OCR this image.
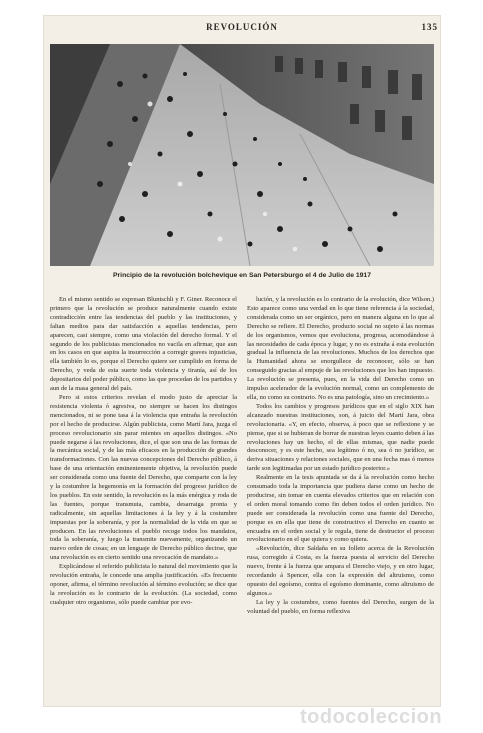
REVOLUCIÓN	135
Principio de la revolución bolchevique en San Petersburgo el 4 de Julio de 1917

En el mismo sentido se expresan Bluntschli y F. Giner. Reconoce el primero que la revolución se produce naturalmente cuando existe contradicción entre las tendencias del pueblo y las instituciones, y faltan medios para dar satisfacción a aquellas tendencias, pero aparecen, casi siempre, como una violación del derecho formal. Y el segundo de los publicistas mencionados no vacila en afirmar, que aun en los casos en que aspira la insurrección a corregir graves injusticias, ella también lo es, porque el Derecho quiere ser cumplido en forma de Derecho, y veda de esta suerte toda violencia y tiranía, así de los depositarios del poder público, como las que procedan de los partidos y aun de la masa general del país.

Pero si estos criterios revelan el modo justo de apreciar la resistencia violenta ó agresiva, no siempre se hacen los distingos mencionados, ni se pone tasa á la violencia que entraña la revolución por el hecho de producirse. Algún publicista, como Martí Jara, juzga el proceso revolucionario sin parar mientes en aquellos distingos. «No puede negarse á las revoluciones, dice, el que son una de las formas de la mecánica social, y de las más eficaces en la producción de grandes transformaciones. Con las nuevas concepciones del Derecho público, á base de una orientación eminentemente objetiva, la revolución puede ser considerada como una fuente del Derecho, que comparte con la ley y la costumbre la hegemonía en la formación del progreso jurídico de los pueblos. En este sentido, la revolución es la más enérgica y roda de las fuentes, porque transmuta, cambia, desarraiga pronta y radicalmente, sin aquellas limitaciones á la ley y á la costumbre impuestas por la soberanía, y por la normalidad de la vida en que se producen. En las revoluciones el pueblo recoge todos los mandatos, toda la soberanía, y luego la transmite nuevamente, organizando un nuevo orden de cosas; en un lenguaje de Derecho público decirse, que una revolución es en cierto sentido una revocación de mandato.»

Explicándose el referido publicista lo natural del movimiento que la revolución entraña, le concede una amplia justificación. «Es frecuente oponer, afirma, el término revolución al término evolución; se dice que la revolución es lo contrario de la evolución. (La sociedad, como cualquier otro organismo, sólo puede cambiar por evo-

lución, y la revolución es lo contrario de la evolución, dice Wilson.) Esto aparece como una verdad en lo que tiene referencia á la sociedad, considerada como un ser orgánico, pero en manera alguna en lo que al Derecho se refiere. El Derecho, producto social no sujeto á las normas de los organismos, vemos que evoluciona, progresa, acomodándose á las necesidades de cada época y lugar, y no es extraña á esta evolución gradual la influencia de las revoluciones. Muchos de los derechos que la Humanidad ahora se enorgullece de reconocer, sólo se han conseguido gracias al empuje de las revoluciones que los han impuesto. La revolución se presenta, pues, en la vida del Derecho como un impulso acelerador de la evolución normal, como un complemento de ella, no como su contrario. No es una patología, sino un crecimiento.»

Todos los cambios y progresos jurídicos que en el siglo XIX han alcanzado nuestras instituciones, son, á juicio del Martí Jara, obra revolucionaria. «Y, en efecto, observa, á poco que se reflexione y se piense, que si se hubieran de borrar de nuestras leyes cuanto deben á las revoluciones hay un hecho, el de ellas mismas, que nadie puede desconocer, y es este hecho, sea legítimo ó no, sea ó no jurídico, se deriva situaciones y relaciones sociales, que en una fecha mas ó menos tarde son legitimadas por un estado jurídico posterior.»

Realmente en la tesis apuntada se da á la revolución como hecho consumado toda la importancia que pudiera darse como un hecho de producirse, sin tomar en cuenta elevados criterios que en relación con el orden moral tomando como fin deben todos el orden jurídico. No puede ser considerada la revolución como una fuente del Derecho, porque es en ella que tiene de constructivo el Derecho en cuanto se encuadra en el orden social y le regula, tiene de destructor el proceso revolucionario en el que quiera y como quiera.

«Revolución, dice Saldaña en su folleto acerca de la Revolución rusa, corregido á Costa, es la fuerza puesta al servicio del Derecho nuevo, frente á la fuerza que ampara el Derecho viejo, y en otro lugar, recordando á Spencer, ella con la expresión del altruismo, como opuesto del egoísmo, contra el egoísmo dominante, como altruismo de algunos.»

La ley y la costumbre, como fuentes del Derecho, surgen de la voluntad del pueblo, en forma reflexiva

todocoleccion
